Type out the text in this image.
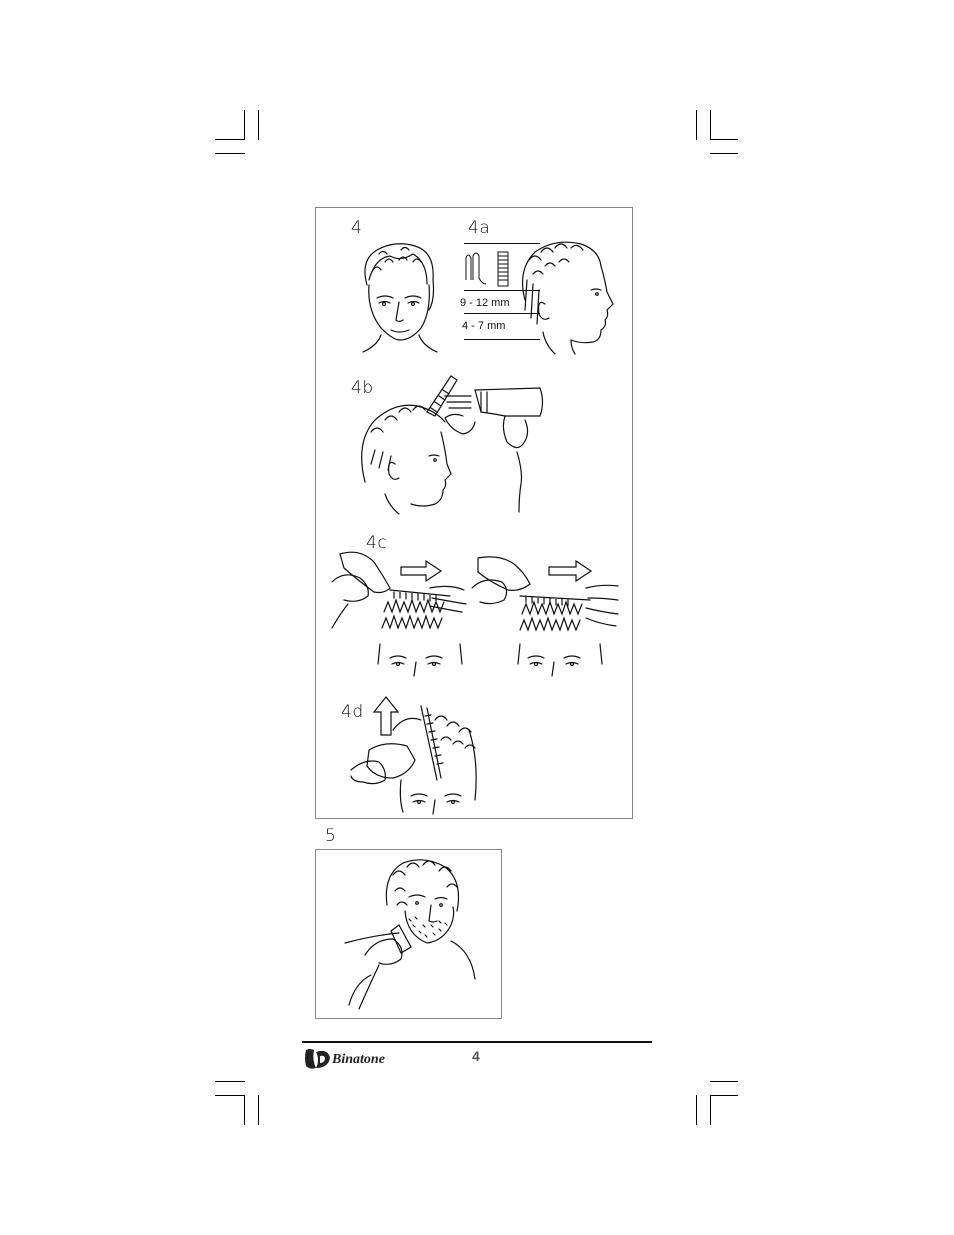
4	4a
9 - 12 mm
4 - 7 mm
4b
4c
4d
5
Binatone	4
